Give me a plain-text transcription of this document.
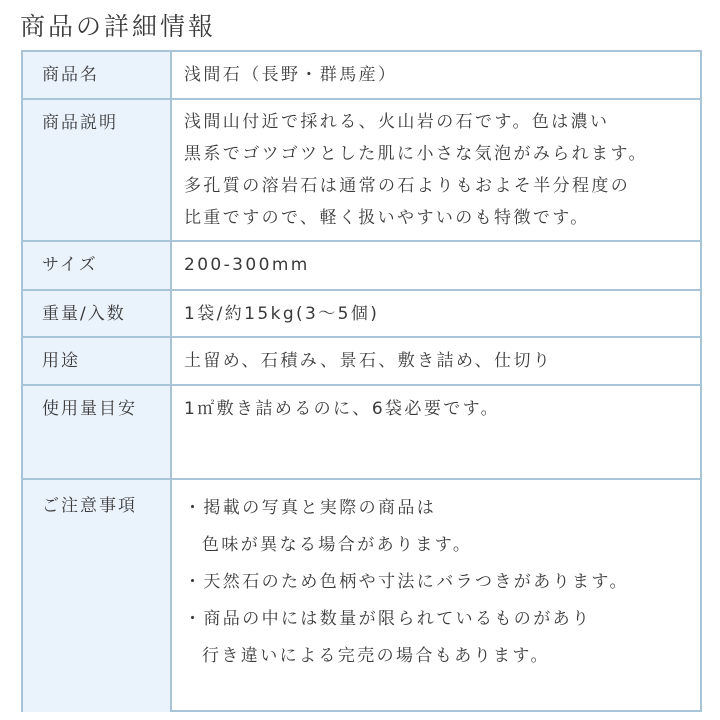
商品の詳細情報
商品名	浅間石（長野・群馬産）
商品説明	浅間山付近で採れる、火山岩の石です。色は濃い
黒系でゴツゴツとした肌に小さな気泡がみられます。
多孔質の溶岩石は通常の石よりもおよそ半分程度の
比重ですので、軽く扱いやすいのも特徴です。
サイズ	200-300mm
重量/入数	1袋/約15kg(3～5個)
用途	土留め、石積み、景石、敷き詰め、仕切り
使用量目安	1㎡敷き詰めるのに、6袋必要です。
ご注意事項	・掲載の写真と実際の商品は
色味が異なる場合があります。
・天然石のため色柄や寸法にバラつきがあります。
・商品の中には数量が限られているものがあり
行き違いによる完売の場合もあります。
